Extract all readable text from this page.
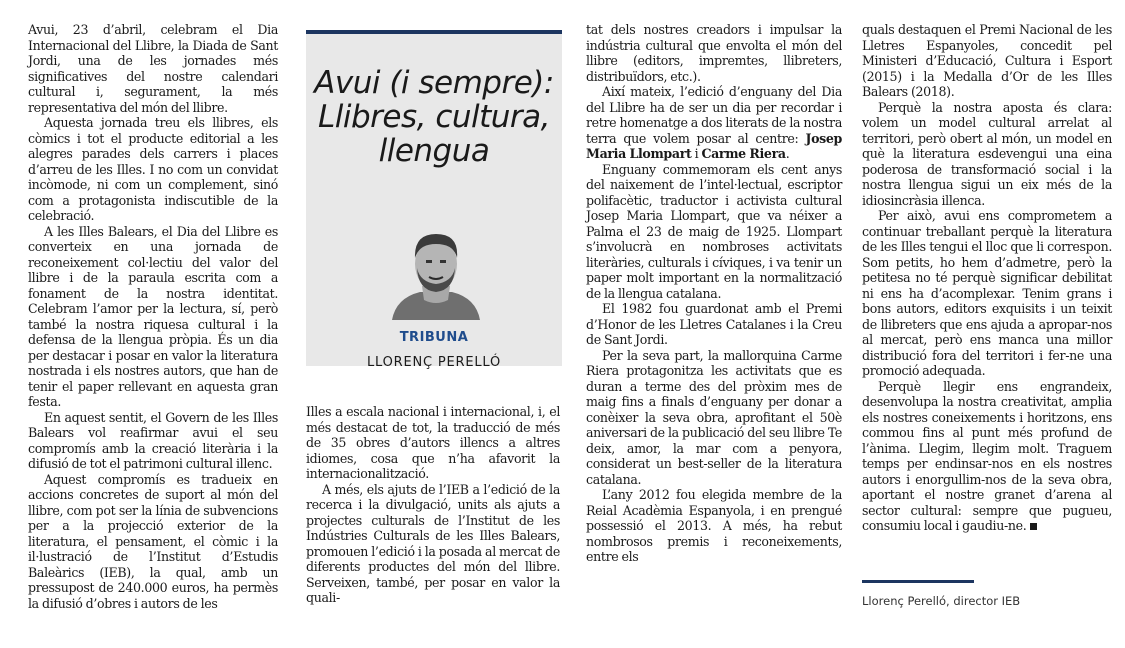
Avui, 23 d’abril, celebram el Dia Internacional del Llibre, la Diada de Sant Jordi, una de les jornades més significatives del nostre calendari cultural i, segurament, la més representativa del món del llibre.

Aquesta jornada treu els llibres, els còmics i tot el producte editorial a les alegres parades dels carrers i places d’arreu de les Illes. I no com un convidat incòmode, ni com un complement, sinó com a protagonista indiscutible de la celebració.

A les Illes Balears, el Dia del Llibre es converteix en una jornada de reconeixement col·lectiu del valor del llibre i de la paraula escrita com a fonament de la nostra identitat. Celebram l’amor per la lectura, sí, però també la nostra riquesa cultural i la defensa de la llengua pròpia. És un dia per destacar i posar en valor la literatura nostrada i els nostres autors, que han de tenir el paper rellevant en aquesta gran festa.

En aquest sentit, el Govern de les Illes Balears vol reafirmar avui el seu compromís amb la creació literària i la difusió de tot el patrimoni cultural illenc.

Aquest compromís es tradueix en accions concretes de suport al món del llibre, com pot ser la línia de subvencions per a la projecció exterior de la literatura, el pensament, el còmic i la il·lustració de l’Institut d’Estudis Baleàrics (IEB), la qual, amb un pressupost de 240.000 euros, ha permès la difusió d’obres i autors de les

Avui (i sempre):
Llibres, cultura,
llengua
TRIBUNA
LLORENÇ PERELLÓ

Illes a escala nacional i internacional, i, el més destacat de tot, la traducció de més de 35 obres d’autors illencs a altres idiomes, cosa que n’ha afavorit la internacionalització.

A més, els ajuts de l’IEB a l’edició de la recerca i la divulgació, units als ajuts a projectes culturals de l’Institut de les Indústries Culturals de les Illes Balears, promouen l’edició i la posada al mercat de diferents productes del món del llibre. Serveixen, també, per posar en valor la quali-

tat dels nostres creadors i impulsar la indústria cultural que envolta el món del llibre (editors, impremtes, llibreters, distribuïdors, etc.).

Així mateix, l’edició d’enguany del Dia del Llibre ha de ser un dia per recordar i retre homenatge a dos literats de la nostra terra que volem posar al centre: Josep Maria Llompart i Carme Riera.

Enguany commemoram els cent anys del naixement de l’intel·lectual, escriptor polifacètic, traductor i activista cultural Josep Maria Llompart, que va néixer a Palma el 23 de maig de 1925. Llompart s’involucrà en nombroses activitats literàries, culturals i cíviques, i va tenir un paper molt important en la normalització de la llengua catalana.

El 1982 fou guardonat amb el Premi d’Honor de les Lletres Catalanes i la Creu de Sant Jordi.

Per la seva part, la mallorquina Carme Riera protagonitza les activitats que es duran a terme des del pròxim mes de maig fins a finals d’enguany per donar a conèixer la seva obra, aprofitant el 50è aniversari de la publicació del seu llibre Te deix, amor, la mar com a penyora, considerat un best-seller de la literatura catalana.

L’any 2012 fou elegida membre de la Reial Acadèmia Espanyola, i en prengué possessió el 2013. A més, ha rebut nombrosos premis i reconeixements, entre els

quals destaquen el Premi Nacional de les Lletres Espanyoles, concedit pel Ministeri d’Educació, Cultura i Esport (2015) i la Medalla d’Or de les Illes Balears (2018).

Perquè la nostra aposta és clara: volem un model cultural arrelat al territori, però obert al món, un model en què la literatura esdevengui una eina poderosa de transformació social i la nostra llengua sigui un eix més de la idiosincràsia illenca.

Per això, avui ens comprometem a continuar treballant perquè la literatura de les Illes tengui el lloc que li correspon. Som petits, ho hem d’admetre, però la petitesa no té perquè significar debilitat ni ens ha d’acomplexar. Tenim grans i bons autors, editors exquisits i un teixit de llibreters que ens ajuda a apropar-nos al mercat, però ens manca una millor distribució fora del territori i fer-ne una promoció adequada.

Perquè llegir ens engrandeix, desenvolupa la nostra creativitat, amplia els nostres coneixements i horitzons, ens commou fins al punt més profund de l’ànima. Llegim, llegim molt. Traguem temps per endinsar-nos en els nostres autors i enorgullim-nos de la seva obra, aportant el nostre granet d’arena al sector cultural: sempre que pugueu, consumiu local i gaudiu-ne.

Llorenç Perelló, director IEB
